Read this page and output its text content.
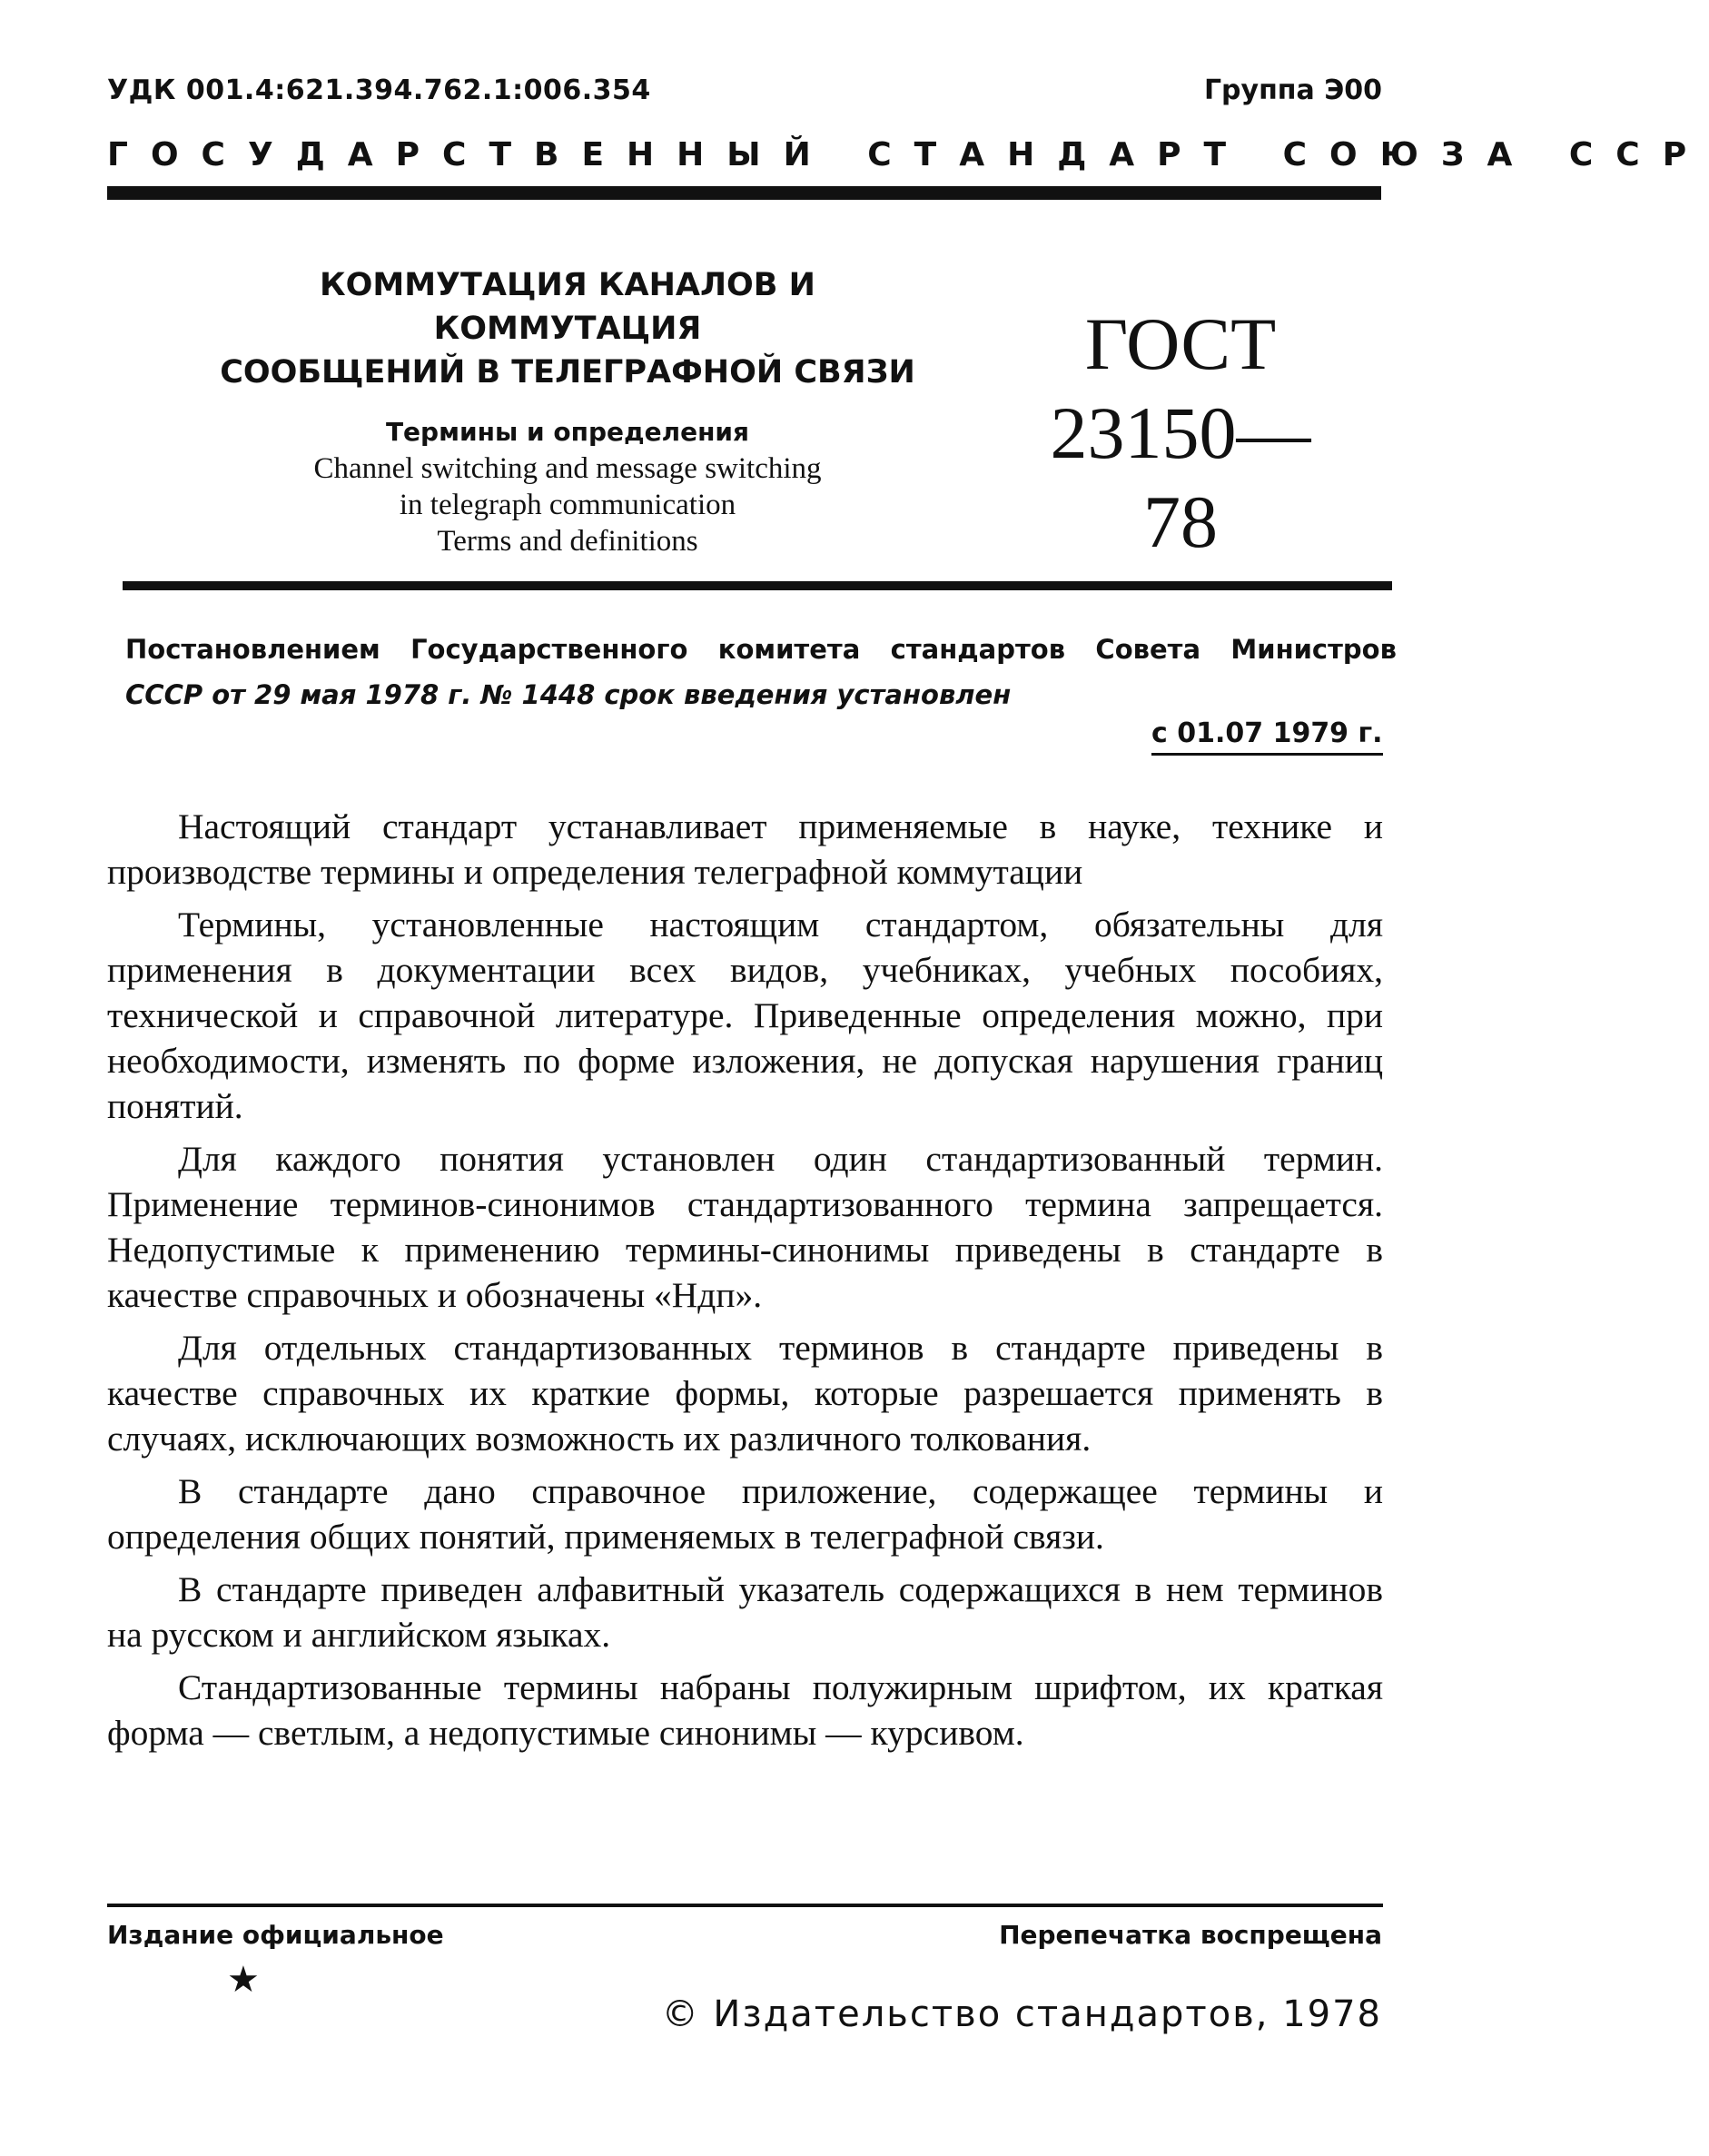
УДК 001.4:621.394.762.1:006.354	Группа Э00
ГОСУДАРСТВЕННЫЙ СТАНДАРТ СОЮЗА ССР
КОММУТАЦИЯ КАНАЛОВ И КОММУТАЦИЯ
СООБЩЕНИЙ В ТЕЛЕГРАФНОЙ СВЯЗИ
Термины и определения
Channel switching and message switching
in telegraph communication
Terms and definitions
ГОСТ
23150—78
Постановлением Государственного комитета стандартов Совета Министров
СССР от 29 мая 1978 г. № 1448 срок введения установлен
с 01.07 1979 г.

Настоящий стандарт устанавливает применяемые в науке, технике и производстве термины и определения телеграфной коммутации

Термины, установленные настоящим стандартом, обязательны для применения в документации всех видов, учебниках, учебных пособиях, технической и справочной литературе. Приведенные определения можно, при необходимости, изменять по форме изложения, не допуская нарушения границ понятий.

Для каждого понятия установлен один стандартизованный термин. Применение терминов-синонимов стандартизованного термина запрещается. Недопустимые к применению термины-синонимы приведены в стандарте в качестве справочных и обозначены «Ндп».

Для отдельных стандартизованных терминов в стандарте приведены в качестве справочных их краткие формы, которые разрешается применять в случаях, исключающих возможность их различного толкования.

В стандарте дано справочное приложение, содержащее термины и определения общих понятий, применяемых в телеграфной связи.

В стандарте приведен алфавитный указатель содержащихся в нем терминов на русском и английском языках.

Стандартизованные термины набраны полужирным шрифтом, их краткая форма — светлым, а недопустимые синонимы — курсивом.

Издание официальное	Перепечатка воспрещена
★
© Издательство стандартов, 1978
